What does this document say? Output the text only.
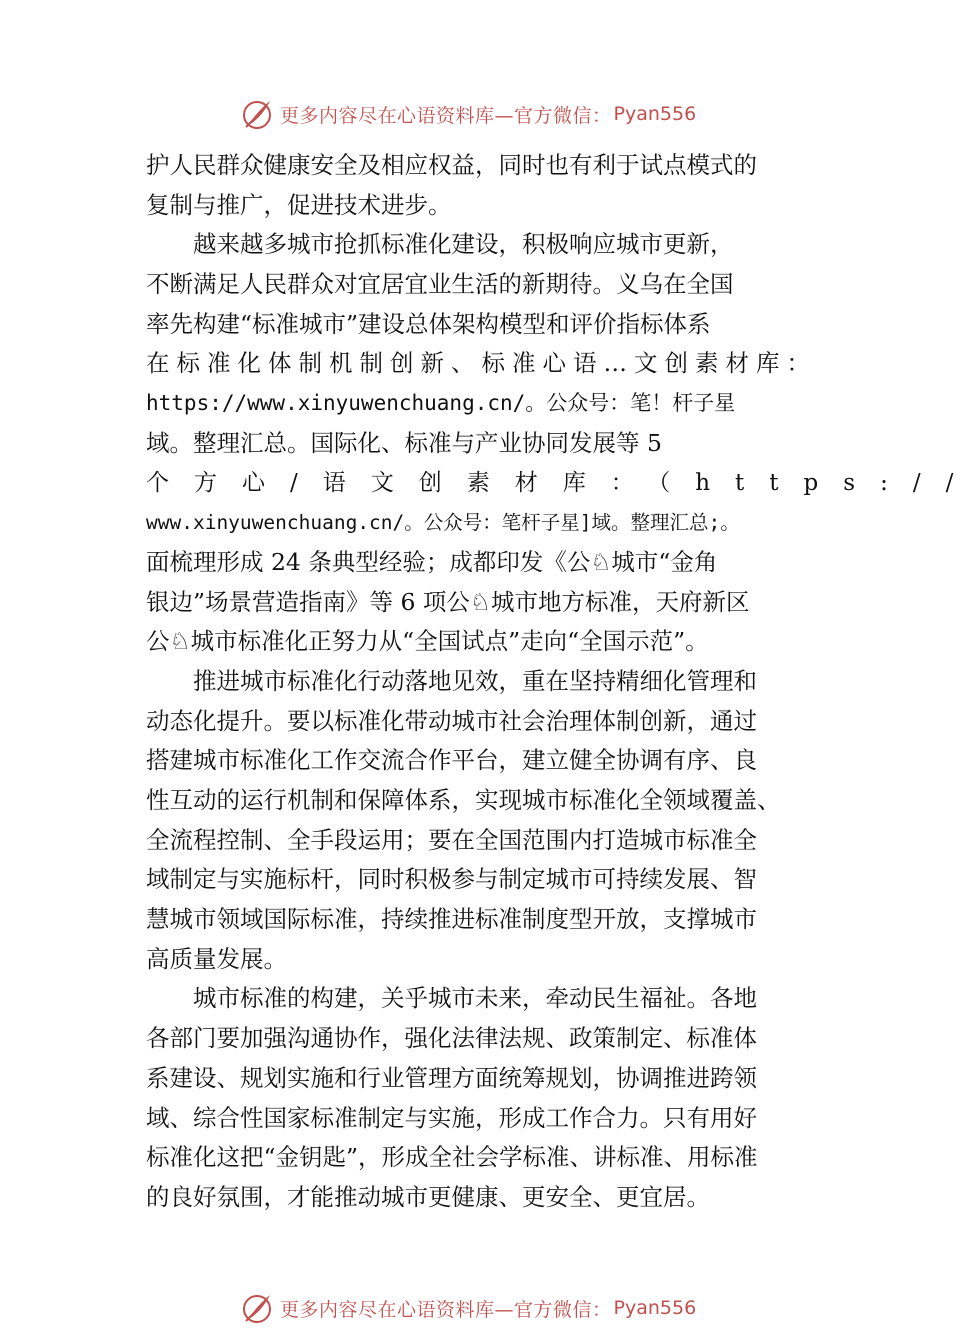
更多内容尽在心语资料库—官方微信： Pyan556
护人民群众健康安全及相应权益，同时也有利于试点模式的
复制与推广，促进技术进步。
越来越多城市抢抓标准化建设，积极响应城市更新，
不断满足人民群众对宜居宜业生活的新期待。义乌在全国
率先构建“标准城市”建设总体架构模型和评价指标体系
在标准化体制机制创新、标准心语…文创素材库：
https://www.xinyuwenchuang.cn/。公众号：笔！杆子星
域。整理汇总。国际化、标准与产业协同发展等 5
个方心/语文创素材库：（https://
www.xinyuwenchuang.cn/。公众号：笔杆子星]域。整理汇总;。
面梳理形成 24 条典型经验；成都印发《公♘城市“金角
银边”场景营造指南》等 6 项公♘城市地方标准，天府新区
公♘城市标准化正努力从“全国试点”走向“全国示范”。
推进城市标准化行动落地见效，重在坚持精细化管理和
动态化提升。要以标准化带动城市社会治理体制创新，通过
搭建城市标准化工作交流合作平台，建立健全协调有序、良
性互动的运行机制和保障体系，实现城市标准化全领域覆盖、
全流程控制、全手段运用；要在全国范围内打造城市标准全
域制定与实施标杆，同时积极参与制定城市可持续发展、智
慧城市领域国际标准，持续推进标准制度型开放，支撑城市
高质量发展。
城市标准的构建，关乎城市未来，牵动民生福祉。各地
各部门要加强沟通协作，强化法律法规、政策制定、标准体
系建设、规划实施和行业管理方面统筹规划，协调推进跨领
域、综合性国家标准制定与实施，形成工作合力。只有用好
标准化这把“金钥匙”，形成全社会学标准、讲标准、用标准
的良好氛围，才能推动城市更健康、更安全、更宜居。
更多内容尽在心语资料库—官方微信： Pyan556
